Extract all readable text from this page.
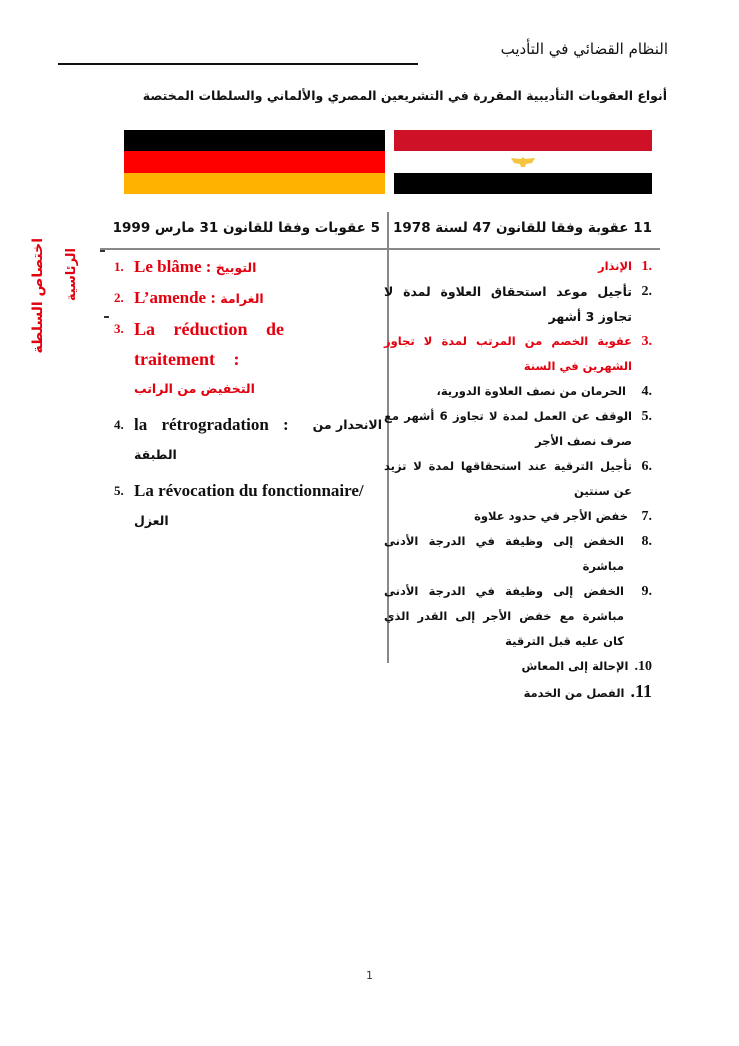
النظام القضائي في التأديب
أنواع العقوبات التأديبية المقررة في التشريعين المصري والألماني والسلطات المختصة
اختصاص السلطة الرئاسية
5 عقوبات وفقا للقانون 31 مارس 1999 11 عقوبة وفقا للقانون 47 لسنة 1978
1. Le blâme : التوبيخ
2. L’amende : الغرامة
3. La réduction de traitement :
التخفيض من الراتب
4. la rétrogradation : الانحدار من
الطبقة
5. La révocation du fonctionnaire/
العزل
1.
الإنذار
2.
تأجيل موعد استحقاق العلاوة لمدة لا تجاوز 3 أشهر
3.
عقوبة الخصم من المرتب لمدة لا تجاوز الشهرين في السنة
4.
الحرمان من نصف العلاوة الدورية،
5.
الوقف عن العمل لمدة لا تجاوز 6 أشهر مع صرف نصف الأجر
6.
تأجيل الترقية عند استحقاقها لمدة لا تزيد عن سنتين
7.
خفض الأجر في حدود علاوة
8.
الخفض إلى وظيفة في الدرجة الأدنى مباشرة
9.
الخفض إلى وظيفة في الدرجة الأدنى مباشرة مع خفض الأجر إلى القدر الذي كان عليه قبل الترقية
10. الإحالة إلى المعاش
11. الفصل من الخدمة
1
